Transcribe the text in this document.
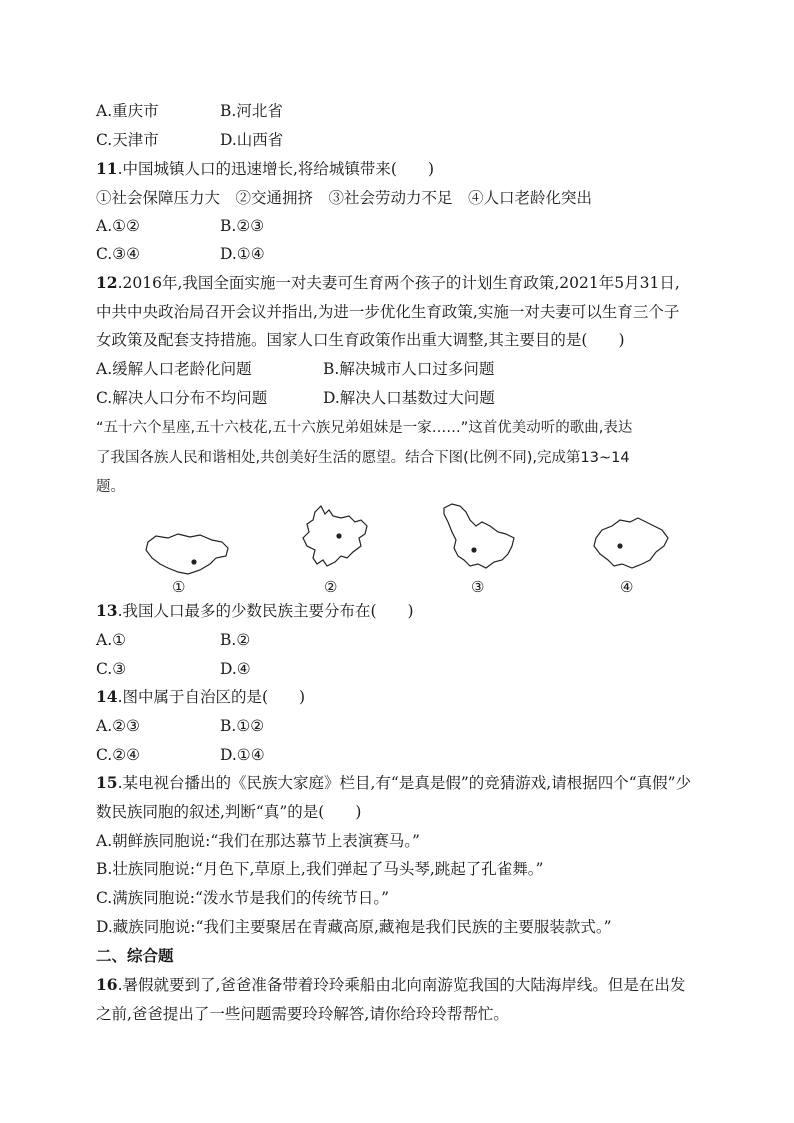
A.重庆市	B.河北省
C.天津市	D.山西省
11.中国城镇人口的迅速增长,将给城镇带来(　　)
①社会保障压力大　②交通拥挤　③社会劳动力不足　④人口老龄化突出
A.①②	B.②③
C.③④	D.①④
12.2016年,我国全面实施一对夫妻可生育两个孩子的计划生育政策,2021年5月31日,
中共中央政治局召开会议并指出,为进一步优化生育政策,实施一对夫妻可以生育三个子
女政策及配套支持措施。国家人口生育政策作出重大调整,其主要目的是(　　)
A.缓解人口老龄化问题	B.解决城市人口过多问题
C.解决人口分布不均问题	D.解决人口基数过大问题
“五十六个星座,五十六枝花,五十六族兄弟姐妹是一家……”这首优美动听的歌曲,表达
了我国各族人民和谐相处,共创美好生活的愿望。结合下图(比例不同),完成第13~14
题。
①	②	③	④
13.我国人口最多的少数民族主要分布在(　　)
A.①	B.②
C.③	D.④
14.图中属于自治区的是(　　)
A.②③	B.①②
C.②④	D.①④
15.某电视台播出的《民族大家庭》栏目,有“是真是假”的竞猜游戏,请根据四个“真假”少
数民族同胞的叙述,判断“真”的是(　　)
A.朝鲜族同胞说:“我们在那达慕节上表演赛马。”
B.壮族同胞说:“月色下,草原上,我们弹起了马头琴,跳起了孔雀舞。”
C.满族同胞说:“泼水节是我们的传统节日。”
D.藏族同胞说:“我们主要聚居在青藏高原,藏袍是我们民族的主要服装款式。”
二、综合题
16.暑假就要到了,爸爸准备带着玲玲乘船由北向南游览我国的大陆海岸线。但是在出发
之前,爸爸提出了一些问题需要玲玲解答,请你给玲玲帮帮忙。
